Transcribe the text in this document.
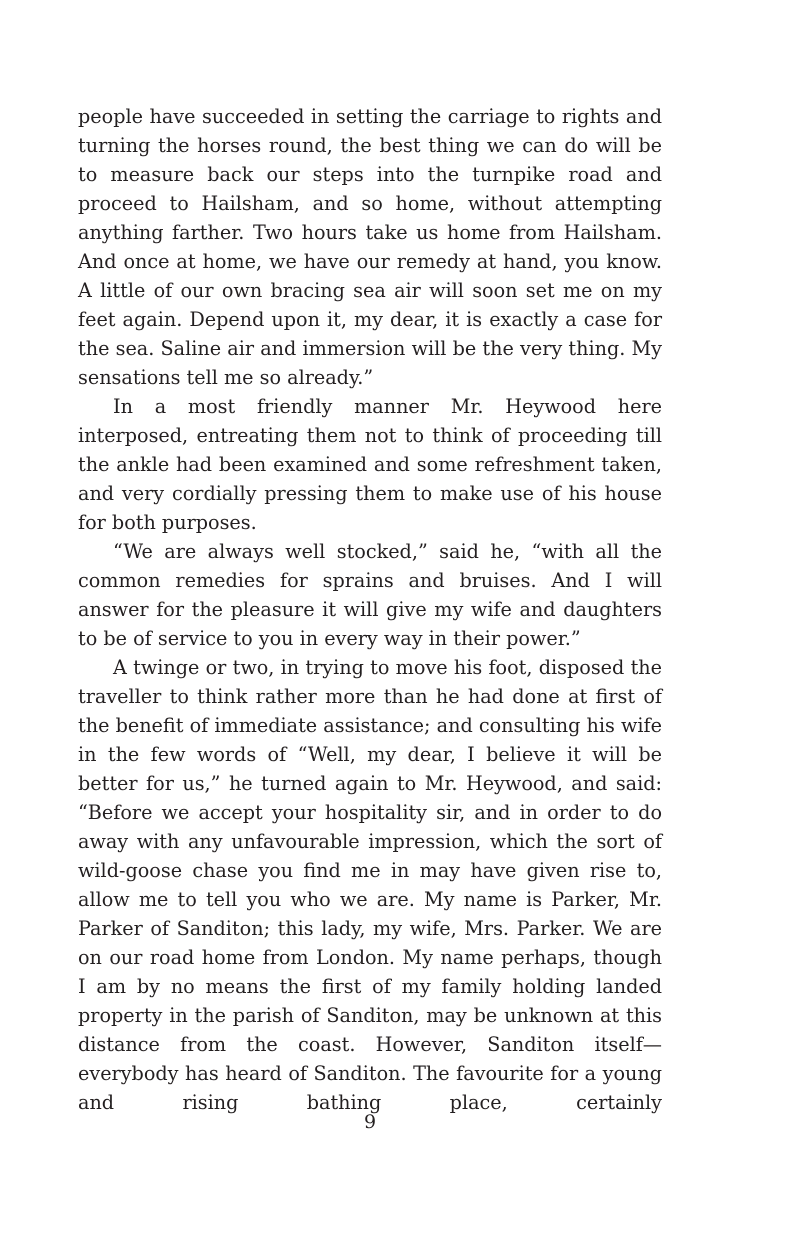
people have succeeded in setting the carriage to rights and turning the horses round, the best thing we can do will be to measure back our steps into the turnpike road and proceed to Hailsham, and so home, without attempting anything farther. Two hours take us home from Hailsham. And once at home, we have our remedy at hand, you know. A little of our own bracing sea air will soon set me on my feet again. Depend upon it, my dear, it is exactly a case for the sea. Saline air and immersion will be the very thing. My sensations tell me so already.”

In a most friendly manner Mr. Heywood here interposed, entreating them not to think of proceeding till the ankle had been examined and some refreshment taken, and very cordially pressing them to make use of his house for both purposes.

“We are always well stocked,” said he, “with all the common remedies for sprains and bruises. And I will answer for the pleasure it will give my wife and daughters to be of service to you in every way in their power.”

A twinge or two, in trying to move his foot, disposed the traveller to think rather more than he had done at first of the benefit of immediate assistance; and consulting his wife in the few words of “Well, my dear, I believe it will be better for us,” he turned again to Mr. Heywood, and said: “Before we accept your hospitality sir, and in order to do away with any unfavourable impression, which the sort of wild-goose chase you find me in may have given rise to, allow me to tell you who we are. My name is Parker, Mr. Parker of Sanditon; this lady, my wife, Mrs. Parker. We are on our road home from London. My name perhaps, though I am by no means the first of my family holding landed property in the parish of Sanditon, may be unknown at this distance from the coast. However, Sanditon itself—everybody has heard of Sanditon. The favourite for a young and rising bathing place, certainly

9
